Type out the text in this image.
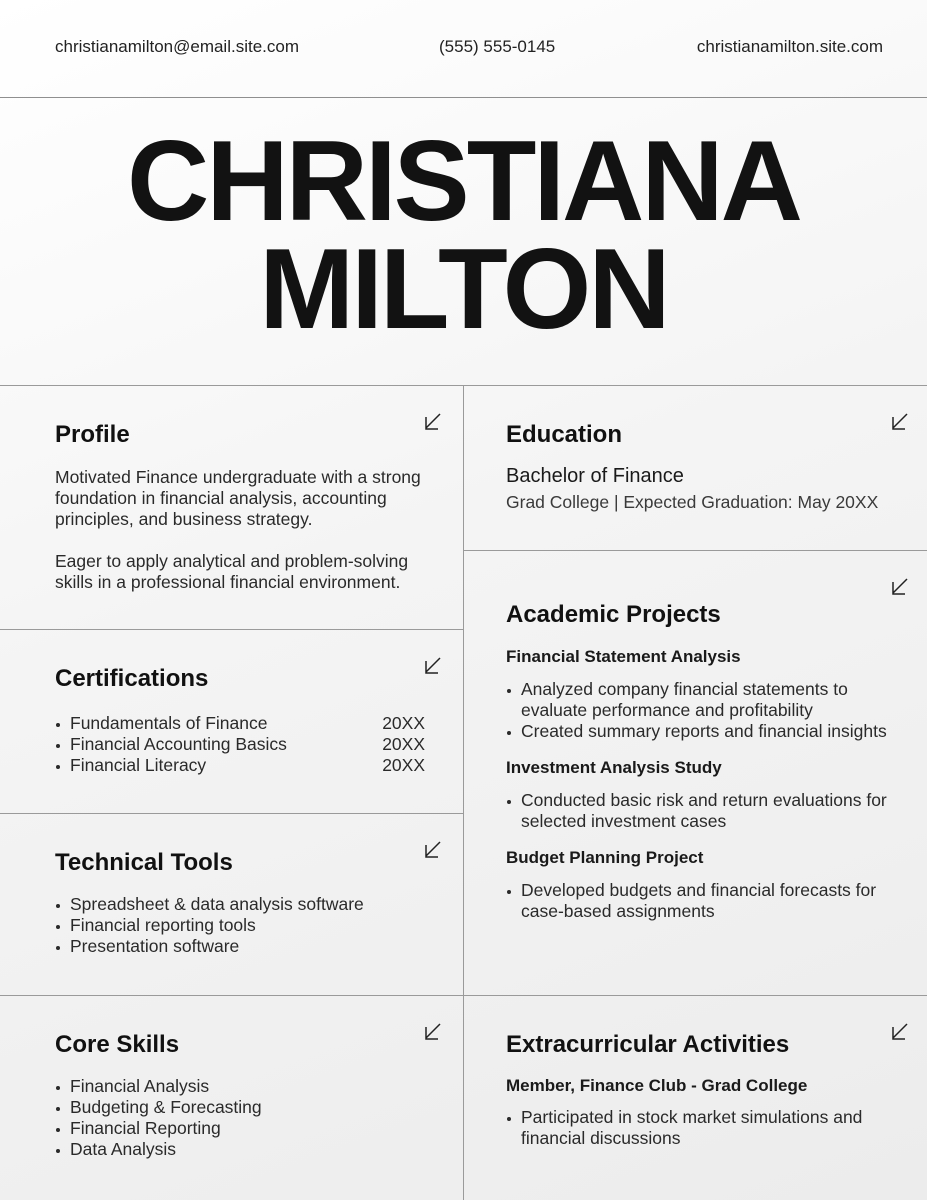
christianamilton@email.site.com	(555) 555-0145	christianamilton.site.com
CHRISTIANA
MILTON
Profile

Motivated Finance undergraduate with a strong foundation in financial analysis, accounting principles, and business strategy.

Eager to apply analytical and problem-solving skills in a professional financial environment.

Certifications
Fundamentals of Finance	20XX
Financial Accounting Basics	20XX
Financial Literacy	20XX
Technical Tools
Spreadsheet & data analysis software
Financial reporting tools
Presentation software
Core Skills
Financial Analysis
Budgeting & Forecasting
Financial Reporting
Data Analysis
Education
Bachelor of Finance
Grad College | Expected Graduation: May 20XX
Academic Projects
Financial Statement Analysis
Analyzed company financial statements to evaluate performance and profitability
Created summary reports and financial insights
Investment Analysis Study
Conducted basic risk and return evaluations for selected investment cases
Budget Planning Project
Developed budgets and financial forecasts for case-based assignments
Extracurricular Activities
Member, Finance Club - Grad College
Participated in stock market simulations and financial discussions
